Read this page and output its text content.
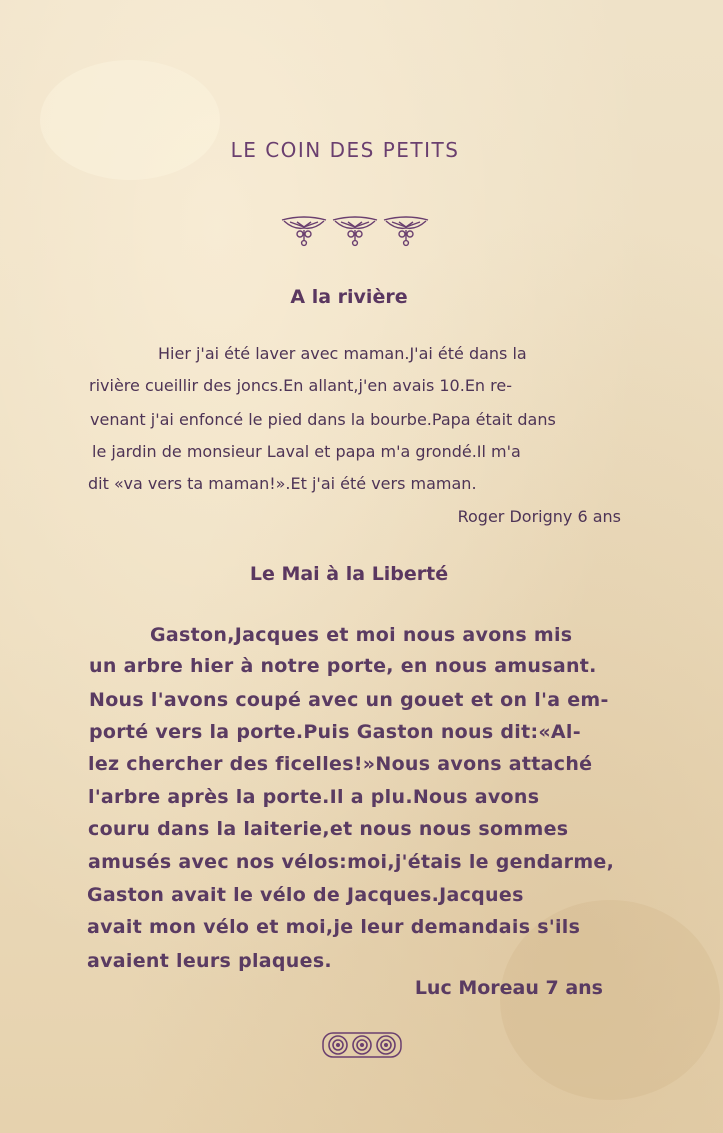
LE COIN DES PETITS
A la rivière
Hier j'ai été laver avec maman.J'ai été dans la
rivière cueillir des joncs.En allant,j'en avais 10.En re-
venant j'ai enfoncé le pied dans la bourbe.Papa était dans
le jardin de monsieur Laval et papa m'a grondé.Il m'a
dit «va vers ta maman!».Et j'ai été vers maman.
Roger Dorigny 6 ans
Le Mai à la Liberté
Gaston,Jacques et moi nous avons mis
un arbre hier à notre porte, en nous amusant.
Nous l'avons coupé avec un gouet et on l'a em-
porté vers la porte.Puis Gaston nous dit:«Al-
lez chercher des ficelles!»Nous avons attaché
l'arbre après la porte.Il a plu.Nous avons
couru dans la laiterie,et nous nous sommes
amusés avec nos vélos:moi,j'étais le gendarme,
Gaston avait le vélo de Jacques.Jacques
avait mon vélo et moi,je leur demandais s'ils
avaient leurs plaques.
Luc Moreau 7 ans
